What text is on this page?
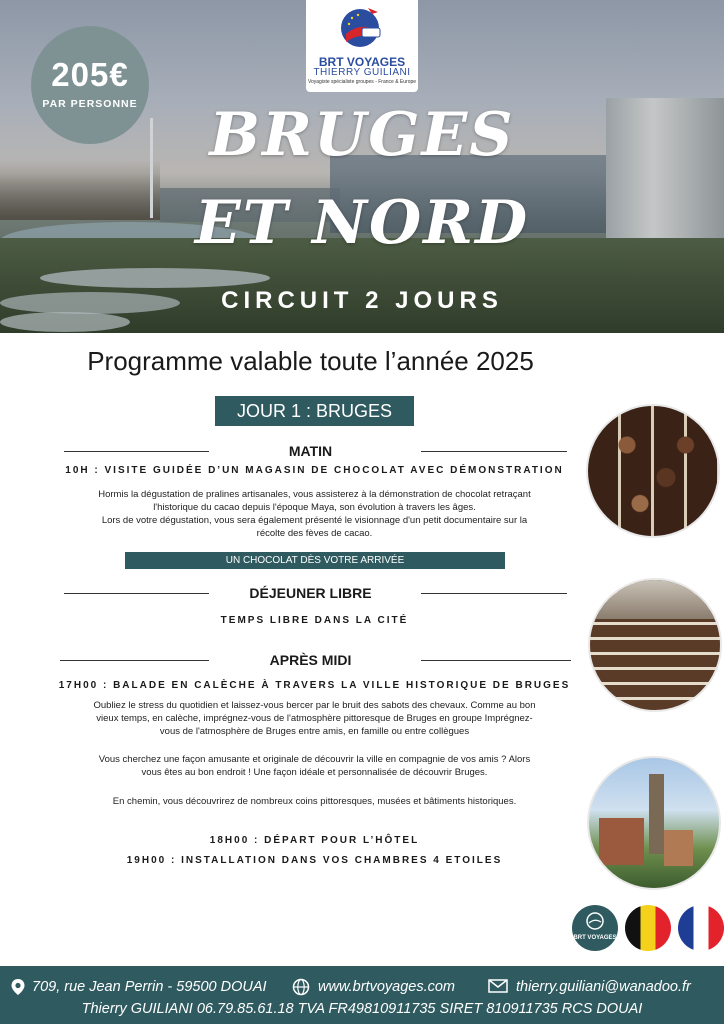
205€
PAR PERSONNE
BRT VOYAGES
THIERRY GUILIANI
Voyagiste spécialiste groupes - France & Europe
BRUGES
ET NORD
CIRCUIT 2 JOURS
Programme valable toute l’année 2025
JOUR 1 : BRUGES
MATIN
10H : VISITE GUIDÉE D’UN MAGASIN DE CHOCOLAT AVEC DÉMONSTRATION
Hormis la dégustation de pralines artisanales, vous assisterez à la démonstration de chocolat retraçant
l'historique du cacao depuis l'époque Maya, son évolution à travers les âges.
Lors de votre dégustation, vous sera également présenté le visionnage d'un petit documentaire sur la
récolte des fèves de cacao.
UN CHOCOLAT DÈS VOTRE ARRIVÉE
DÉJEUNER LIBRE
TEMPS LIBRE DANS LA CITÉ
APRÈS MIDI
17H00 : BALADE EN CALÈCHE À TRAVERS LA VILLE HISTORIQUE DE BRUGES
Oubliez le stress du quotidien et laissez-vous bercer par le bruit des sabots des chevaux. Comme au bon
vieux temps, en calèche, imprégnez-vous de l'atmosphère pittoresque de Bruges en groupe Imprégnez-
vous de l'atmosphère de Bruges entre amis, en famille ou entre collègues
Vous cherchez une façon amusante et originale de découvrir la ville en compagnie de vos amis ? Alors
vous êtes au bon endroit ! Une façon idéale et personnalisée de découvrir Bruges.
En chemin, vous découvrirez de nombreux coins pittoresques, musées et bâtiments historiques.
18H00 : DÉPART POUR L’HÔTEL
19H00 : INSTALLATION DANS VOS CHAMBRES 4 ETOILES
BRT VOYAGES
709, rue Jean Perrin - 59500 DOUAI	www.brtvoyages.com	thierry.guiliani@wanadoo.fr
Thierry GUILIANI 06.79.85.61.18 TVA FR49810911735 SIRET 810911735 RCS DOUAI
